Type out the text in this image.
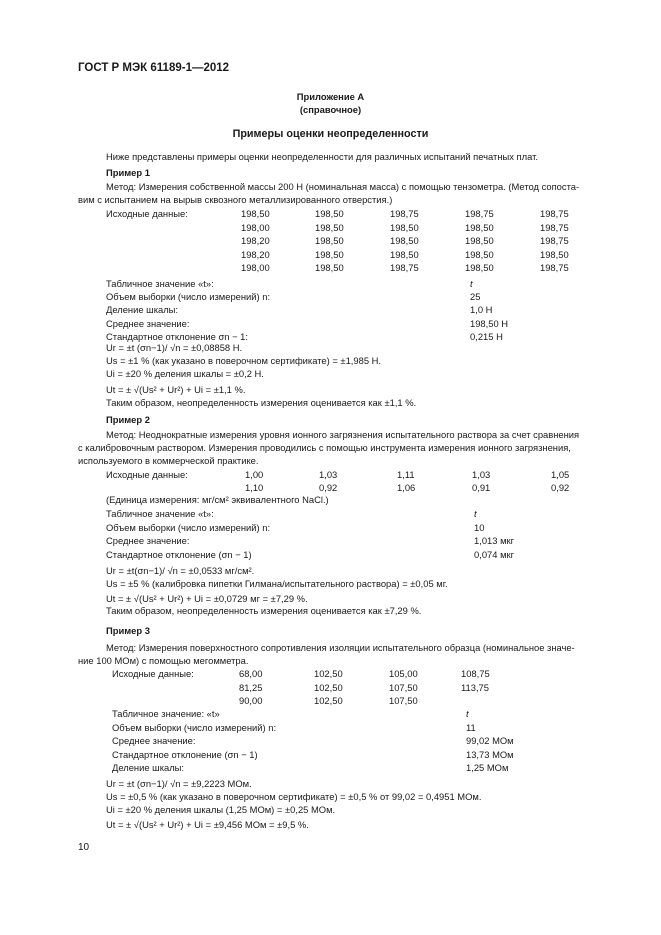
ГОСТ Р МЭК 61189-1—2012
Приложение А
(справочное)
Примеры оценки неопределенности
Ниже представлены примеры оценки неопределенности для различных испытаний печатных плат.
Пример 1
Метод: Измерения собственной массы 200 Н (номинальная масса) с помощью тензометра. (Метод сопоста-
вим с испытанием на вырыв сквозного металлизированного отверстия.)
Исходные данные:	198,50	198,50	198,75	198,75	198,75
198,00	198,50	198,50	198,50	198,75
198,20	198,50	198,50	198,50	198,75
198,20	198,50	198,50	198,50	198,50
198,00	198,50	198,75	198,50	198,75
Табличное значение «t»:	t
Объем выборки (число измерений) n:	25
Деление шкалы:	1,0 Н
Среднее значение:	198,50 Н
Стандартное отклонение σn − 1:	0,215 Н
Ur = ±t (σn−1)/ √n = ±0,08858 Н.
Us = ±1 % (как указано в поверочном сертификате) = ±1,985 Н.
Ui = ±20 % деления шкалы = ±0,2 Н.
Ut = ± √(Us² + Ur²) + Ui = ±1,1 %.
Таким образом, неопределенность измерения оценивается как ±1,1 %.
Пример 2
Метод: Неоднократные измерения уровня ионного загрязнения испытательного раствора за счет сравнения
с калибровочным раствором. Измерения проводились с помощью инструмента измерения ионного загрязнения,
используемого в коммерческой практике.
Исходные данные:	1,00	1,03	1,11	1,03	1,05
1,10	0,92	1,06	0,91	0,92
(Единица измерения: мг/см² эквивалентного NaCl.)
Табличное значение «t»:	t
Объем выборки (число измерений) n:	10
Среднее значение:	1,013 мкг
Стандартное отклонение (σn − 1)	0,074 мкг
Ur = ±t(σn−1)/ √n = ±0,0533 мг/см².
Us = ±5 % (калибровка пипетки Гилмана/испытательного раствора) = ±0,05 мг.
Ut = ± √(Us² + Ur²) + Ui = ±0,0729 мг = ±7,29 %.
Таким образом, неопределенность измерения оценивается как ±7,29 %.
Пример 3
Метод: Измерения поверхностного сопротивления изоляции испытательного образца (номинальное значе-
ние 100 МОм) с помощью мегомметра.
Исходные данные:	68,00	102,50	105,00	108,75
81,25	102,50	107,50	113,75
90,00	102,50	107,50
Табличное значение: «t»	t
Объем выборки (число измерений) n:	11
Среднее значение:	99,02 МОм
Стандартное отклонение (σn − 1)	13,73 МОм
Деление шкалы:	1,25 МОм
Ur = ±t (σn−1)/ √n = ±9,2223 МОм.
Us = ±0,5 % (как указано в поверочном сертификате) = ±0,5 % от 99,02 = 0,4951 МОм.
Ui = ±20 % деления шкалы (1,25 МОм) = ±0,25 МОм.
Ut = ± √(Us² + Ur²) + Ui = ±9,456 МОм = ±9,5 %.
10
